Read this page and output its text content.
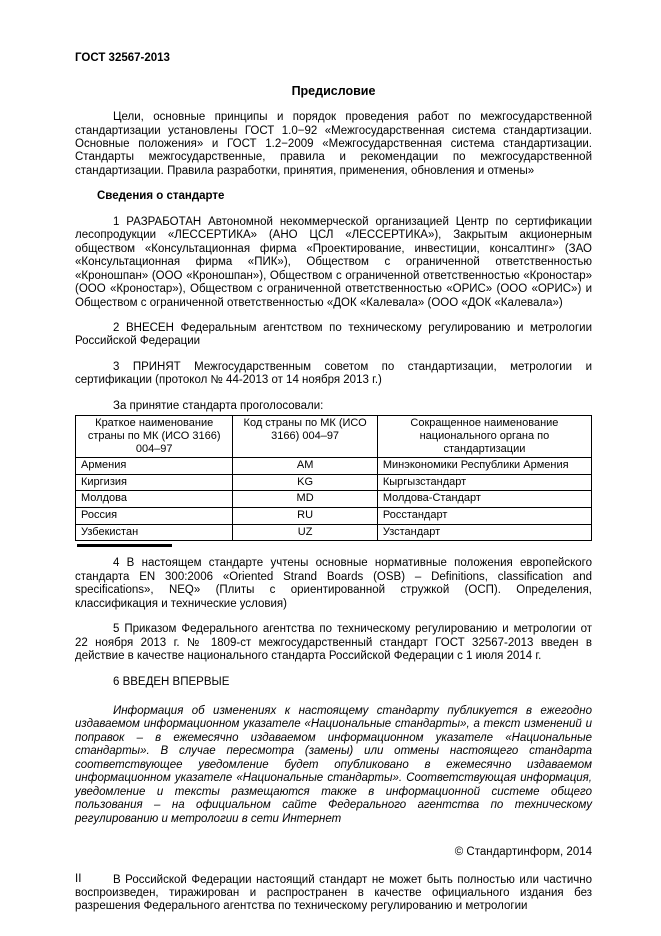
ГОСТ 32567-2013
Предисловие

Цели, основные принципы и порядок проведения работ по межгосударственной стандартизации установлены ГОСТ 1.0−92 «Межгосударственная система стандартизации. Основные положения» и ГОСТ 1.2−2009 «Межгосударственная система стандартизации. Стандарты межгосударственные, правила и рекомендации по межгосударственной стандартизации. Правила разработки, принятия, применения, обновления и отмены»

Сведения о стандарте

1 РАЗРАБОТАН Автономной некоммерческой организацией Центр по сертификации лесопродукции «ЛЕССЕРТИКА» (АНО ЦСЛ «ЛЕССЕРТИКА»), Закрытым акционерным обществом «Консультационная фирма «Проектирование, инвестиции, консалтинг» (ЗАО «Консультационная фирма «ПИК»), Обществом с ограниченной ответственностью «Кроношпан» (ООО «Кроношпан»), Обществом с ограниченной ответственностью «Кроностар» (ООО «Кроностар»), Обществом с ограниченной ответственностью «ОРИС» (ООО «ОРИС») и Обществом с ограниченной ответственностью «ДОК «Калевала» (ООО «ДОК «Калевала»)

2 ВНЕСЕН Федеральным агентством по техническому регулированию и метрологии Российской Федерации

3 ПРИНЯТ Межгосударственным советом по стандартизации, метрологии и сертификации (протокол № 44-2013 от 14 ноября 2013 г.)

За принятие стандарта проголосовали:

Краткое наименование страны по МК (ИСО 3166) 004–97	Код страны по МК (ИСО 3166) 004–97	Сокращенное наименование национального органа по стандартизации
Армения	AM	Минэкономики Республики Армения
Киргизия	KG	Кыргызстандарт
Молдова	MD	Молдова-Стандарт
Россия	RU	Росстандарт
Узбекистан	UZ	Узстандарт

4 В настоящем стандарте учтены основные нормативные положения европейского стандарта EN 300:2006 «Oriented Strand Boards (OSB) – Definitions, classification and specifications», NEQ» (Плиты с ориентированной стружкой (ОСП). Определения, классификация и технические условия)

5 Приказом Федерального агентства по техническому регулированию и метрологии от 22 ноября 2013 г. № 1809-ст межгосударственный стандарт ГОСТ 32567-2013 введен в действие в качестве национального стандарта Российской Федерации с 1 июля 2014 г.

6 ВВЕДЕН ВПЕРВЫЕ

Информация об изменениях к настоящему стандарту публикуется в ежегодно издаваемом информационном указателе «Национальные стандарты», а текст изменений и поправок – в ежемесячно издаваемом информационном указателе «Национальные стандарты». В случае пересмотра (замены) или отмены настоящего стандарта соответствующее уведомление будет опубликовано в ежемесячно издаваемом информационном указателе «Национальные стандарты». Соответствующая информация, уведомление и тексты размещаются также в информационной системе общего пользования – на официальном сайте Федерального агентства по техническому регулированию и метрологии в сети Интернет

© Стандартинформ, 2014

В Российской Федерации настоящий стандарт не может быть полностью или частично воспроизведен, тиражирован и распространен в качестве официального издания без разрешения Федерального агентства по техническому регулированию и метрологии

II
